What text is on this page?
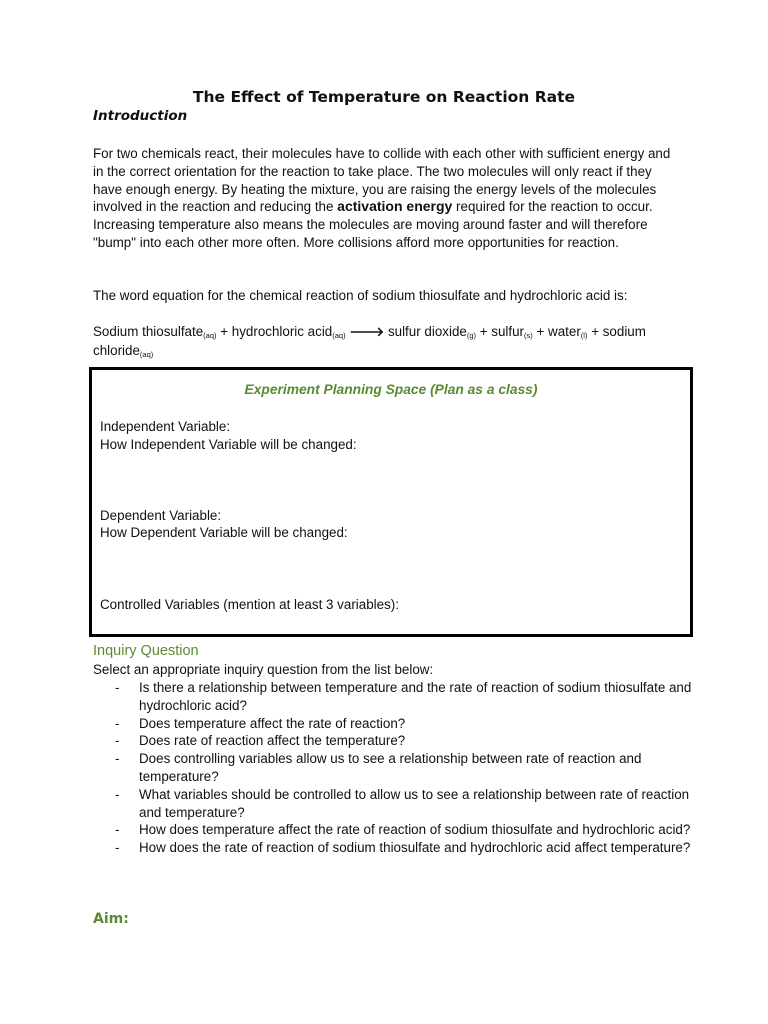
The Effect of Temperature on Reaction Rate
Introduction
For two chemicals react, their molecules have to collide with each other with sufficient energy and in the correct orientation for the reaction to take place. The two molecules will only react if they have enough energy. By heating the mixture, you are raising the energy levels of the molecules involved in the reaction and reducing the activation energy required for the reaction to occur. Increasing temperature also means the molecules are moving around faster and will therefore "bump" into each other more often. More collisions afford more opportunities for reaction.
The word equation for the chemical reaction of sodium thiosulfate and hydrochloric acid is:
Sodium thiosulfate$_{(aq)}$ + hydrochloric acid$_{(aq)}$ 🡒 sulfur dioxide$_{(g)}$ + sulfur$_{(s)}$ + water$_{(l)}$ + sodium chloride$_{(aq)}$
Experiment Planning Space (Plan as a class)
Independent Variable:
How Independent Variable will be changed:
Dependent Variable:
How Dependent Variable will be changed:
Controlled Variables (mention at least 3 variables):
Inquiry Question
Select an appropriate inquiry question from the list below:
- Is there a relationship between temperature and the rate of reaction of sodium thiosulfate and hydrochloric acid?
- Does temperature affect the rate of reaction?
- Does rate of reaction affect the temperature?
- Does controlling variables allow us to see a relationship between rate of reaction and temperature?
- What variables should be controlled to allow us to see a relationship between rate of reaction and temperature?
- How does temperature affect the rate of reaction of sodium thiosulfate and hydrochloric acid?
- How does the rate of reaction of sodium thiosulfate and hydrochloric acid affect temperature?
Aim:
